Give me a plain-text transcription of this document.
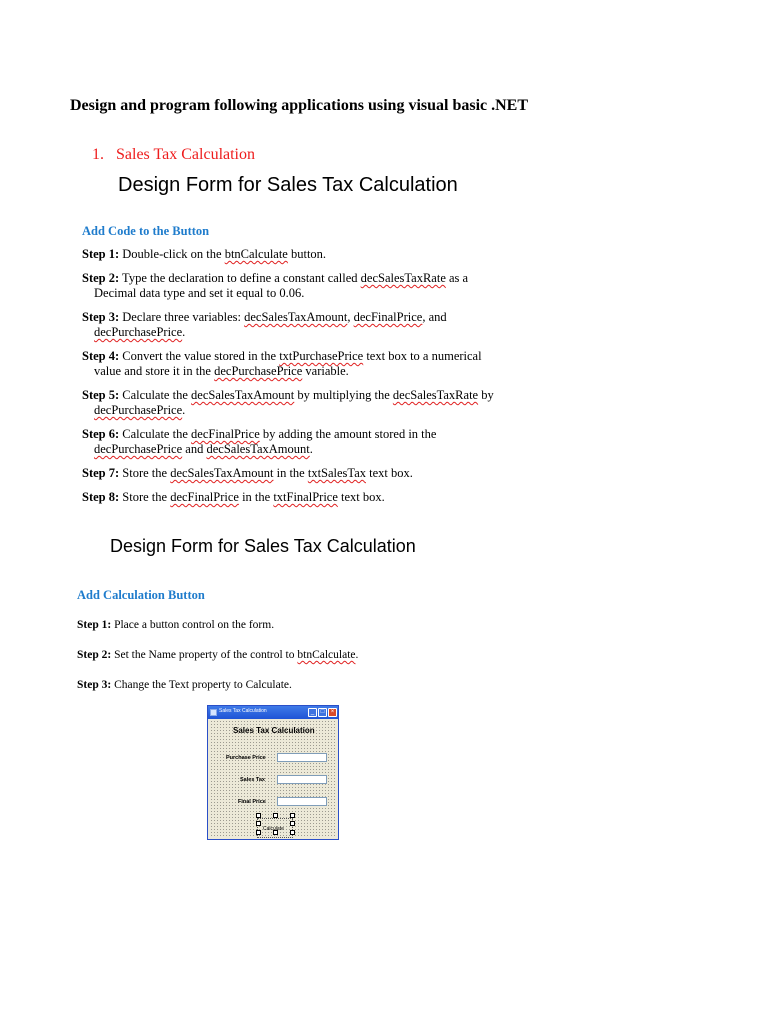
Design and program following applications using visual basic .NET
1. Sales Tax Calculation
Design Form for Sales Tax Calculation
Add Code to the Button
Step 1: Double-click on the btnCalculate button.
Step 2: Type the declaration to define a constant called decSalesTaxRate as a
Decimal data type and set it equal to 0.06.
Step 3: Declare three variables: decSalesTaxAmount, decFinalPrice, and
decPurchasePrice.
Step 4: Convert the value stored in the txtPurchasePrice text box to a numerical
value and store it in the decPurchasePrice variable.
Step 5: Calculate the decSalesTaxAmount by multiplying the decSalesTaxRate by
decPurchasePrice.
Step 6: Calculate the decFinalPrice by adding the amount stored in the
decPurchasePrice and decSalesTaxAmount.
Step 7: Store the decSalesTaxAmount in the txtSalesTax text box.
Step 8: Store the decFinalPrice in the txtFinalPrice text box.
Design Form for Sales Tax Calculation
Add Calculation Button
Step 1: Place a button control on the form.
Step 2: Set the Name property of the control to btnCalculate.
Step 3: Change the Text property to Calculate.
Sales Tax Calculation	_	□	×
Sales Tax Calculation
Purchase Price
Sales Tax
Final Price
Calculate
